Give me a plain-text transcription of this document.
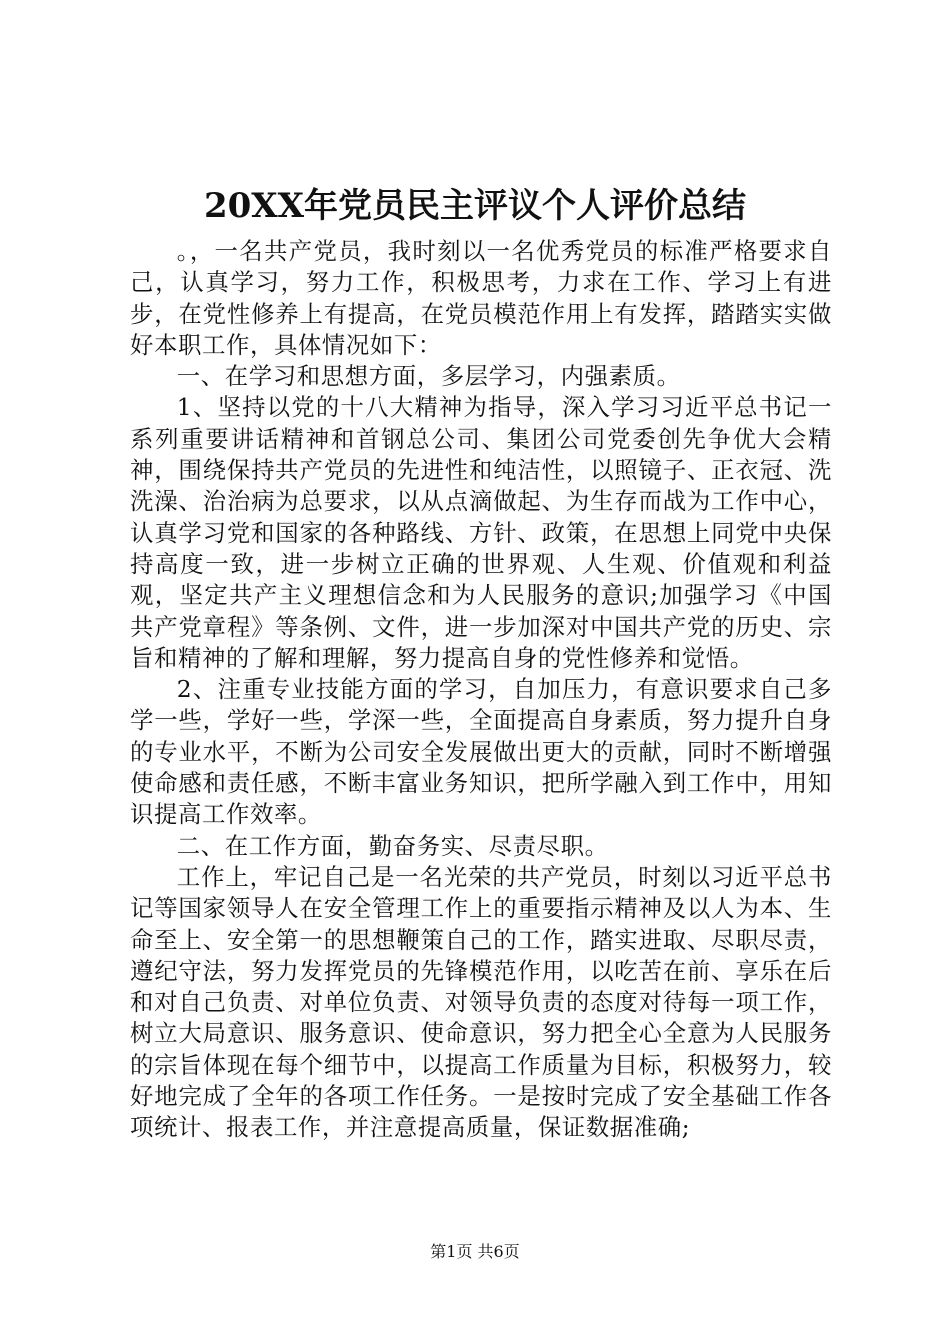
20XX年党员民主评议个人评价总结

。，一名共产党员，我时刻以一名优秀党员的标准严格要求自己，认真学习，努力工作，积极思考，力求在工作、学习上有进步，在党性修养上有提高，在党员模范作用上有发挥，踏踏实实做好本职工作，具体情况如下：

一、在学习和思想方面，多层学习，内强素质。

1、坚持以党的十八大精神为指导，深入学习习近平总书记一系列重要讲话精神和首钢总公司、集团公司党委创先争优大会精神，围绕保持共产党员的先进性和纯洁性，以照镜子、正衣冠、洗洗澡、治治病为总要求，以从点滴做起、为生存而战为工作中心，认真学习党和国家的各种路线、方针、政策，在思想上同党中央保持高度一致，进一步树立正确的世界观、人生观、价值观和利益观，坚定共产主义理想信念和为人民服务的意识;加强学习《中国共产党章程》等条例、文件，进一步加深对中国共产党的历史、宗旨和精神的了解和理解，努力提高自身的党性修养和觉悟。

2、注重专业技能方面的学习，自加压力，有意识要求自己多学一些，学好一些，学深一些，全面提高自身素质，努力提升自身的专业水平，不断为公司安全发展做出更大的贡献，同时不断增强使命感和责任感，不断丰富业务知识，把所学融入到工作中，用知识提高工作效率。

二、在工作方面，勤奋务实、尽责尽职。

工作上，牢记自己是一名光荣的共产党员，时刻以习近平总书记等国家领导人在安全管理工作上的重要指示精神及以人为本、生命至上、安全第一的思想鞭策自己的工作，踏实进取、尽职尽责，遵纪守法，努力发挥党员的先锋模范作用，以吃苦在前、享乐在后和对自己负责、对单位负责、对领导负责的态度对待每一项工作，树立大局意识、服务意识、使命意识，努力把全心全意为人民服务的宗旨体现在每个细节中，以提高工作质量为目标，积极努力，较好地完成了全年的各项工作任务。一是按时完成了安全基础工作各项统计、报表工作，并注意提高质量，保证数据准确;

第1页 共6页
